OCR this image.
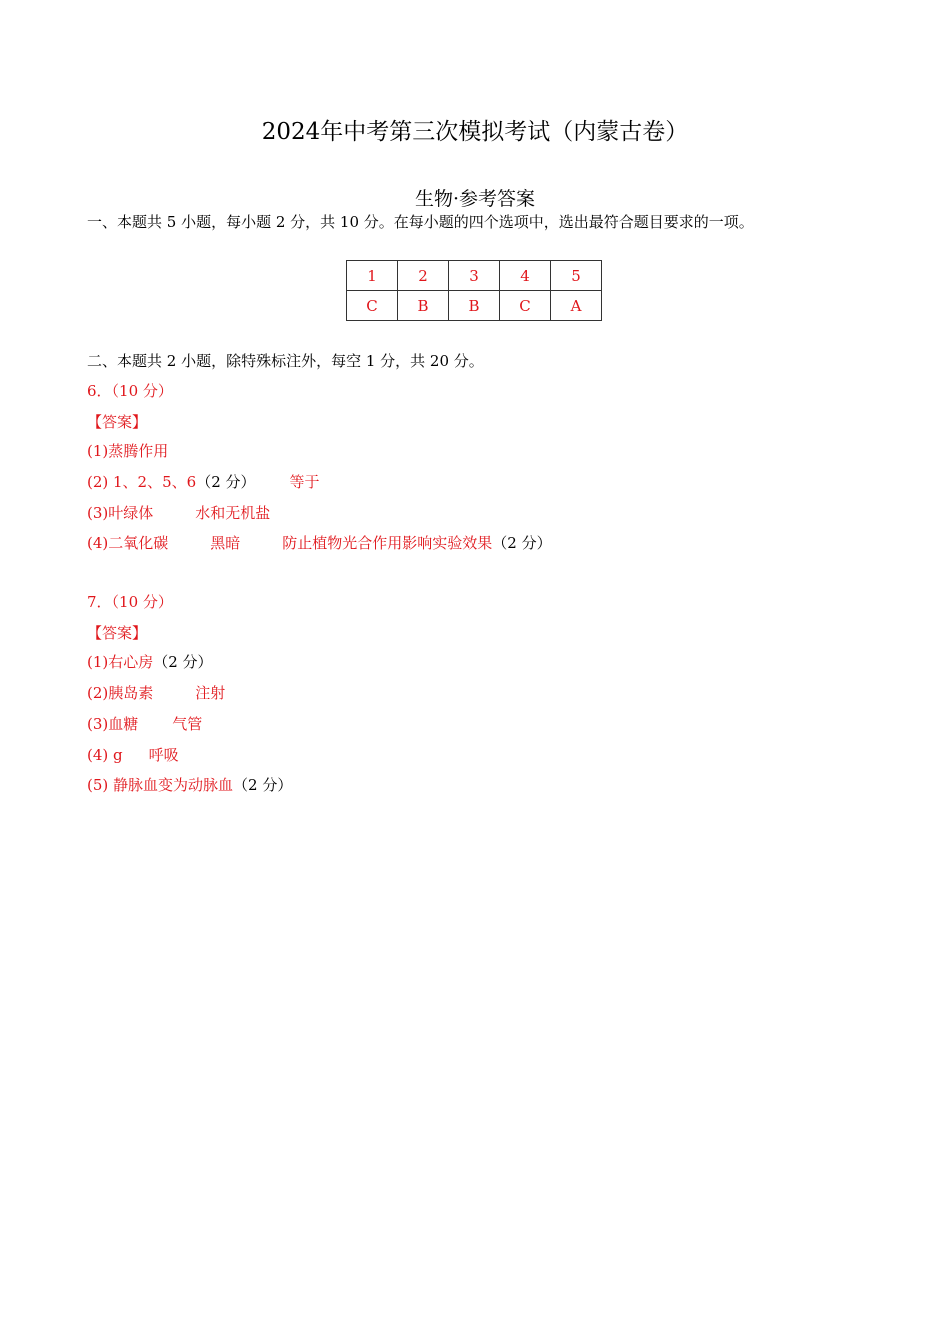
2024年中考第三次模拟考试（内蒙古卷）
生物·参考答案
一、本题共 5 小题，每小题 2 分，共 10 分。在每小题的四个选项中，选出最符合题目要求的一项。
1	2	3	4	5
C	B	B	C	A
二、本题共 2 小题，除特殊标注外，每空 1 分，共 20 分。
6．（10 分）
【答案】
(1)蒸腾作用
(2) 1、2、5、6（2 分） 等于
(3)叶绿体	水和无机盐
(4)二氧化碳	黑暗	防止植物光合作用影响实验效果（2 分）
7．（10 分）
【答案】
(1)右心房（2 分）
(2)胰岛素	注射
(3)血糖 气管
(4) g 呼吸
(5) 静脉血变为动脉血（2 分）
